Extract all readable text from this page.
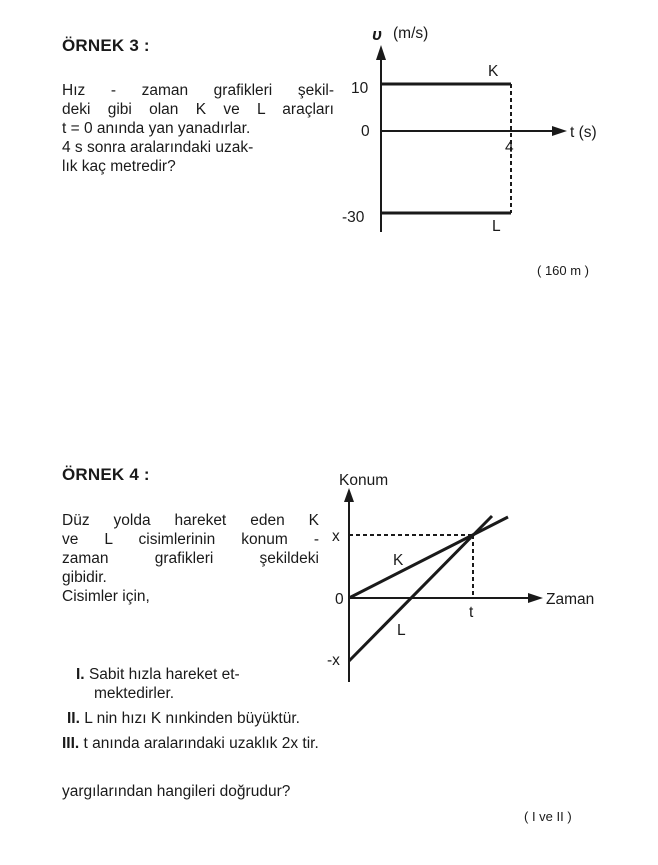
ÖRNEK 3 :
Hız - zaman grafikleri şekil-
deki gibi olan K ve L araçları
t = 0 anında yan yanadırlar.
4 s sonra aralarındaki uzak-
lık kaç metredir?
υ (m/s)
t (s)
10
0
-30
4
K
L
( 160 m )
ÖRNEK 4 :
Düz yolda hareket eden K
ve L cisimlerinin konum -
zaman grafikleri şekildeki
gibidir.
Cisimler için,
I. Sabit hızla hareket et-
mektedirler.
II. L nin hızı K nınkinden büyüktür.
III. t anında aralarındaki uzaklık 2x tir.
yargılarından hangileri doğrudur?
( I ve II )
Konum
Zaman
x
0
-x
t
K
L
